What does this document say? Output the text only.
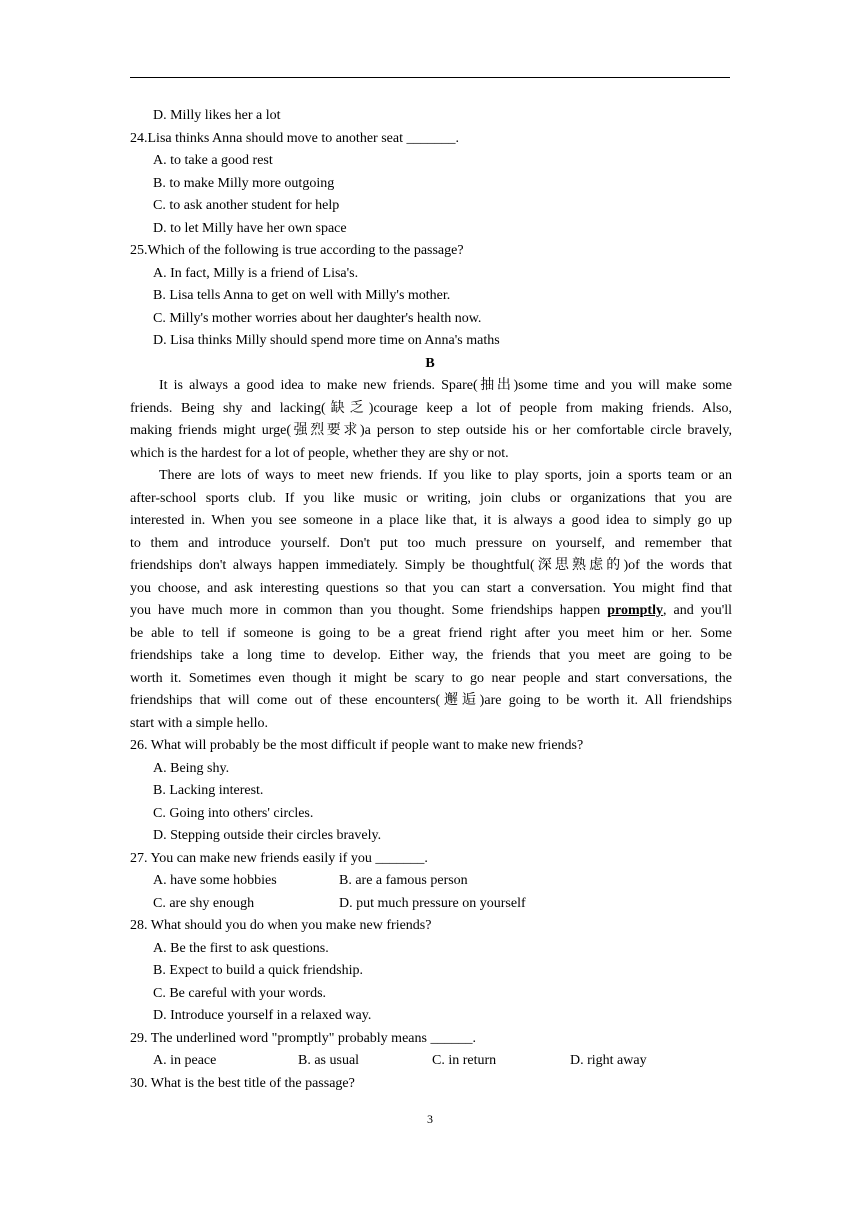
D. Milly likes her a lot
24.Lisa thinks Anna should move to another seat _______.
A. to take a good rest
B. to make Milly more outgoing
C. to ask another student for help
D. to let Milly have her own space
25.Which of the following is true according to the passage?
A. In fact, Milly is a friend of Lisa's.
B. Lisa tells Anna to get on well with Milly's mother.
C. Milly's mother worries about her daughter's health now.
D. Lisa thinks Milly should spend more time on Anna's maths
B
It is always a good idea to make new friends. Spare(抽出)some time and you will make some
friends. Being shy and lacking(缺乏)courage keep a lot of people from making friends. Also,
making friends might urge(强烈要求)a person to step outside his or her comfortable circle bravely,
which is the hardest for a lot of people, whether they are shy or not.
There are lots of ways to meet new friends. If you like to play sports, join a sports team or an
after-school sports club. If you like music or writing, join clubs or organizations that you are
interested in. When you see someone in a place like that, it is always a good idea to simply go up
to them and introduce yourself. Don't put too much pressure on yourself, and remember that
friendships don't always happen immediately. Simply be thoughtful(深思熟虑的)of the words that
you choose, and ask interesting questions so that you can start a conversation. You might find that
you have much more in common than you thought. Some friendships happen promptly, and you'll
be able to tell if someone is going to be a great friend right after you meet him or her. Some
friendships take a long time to develop. Either way, the friends that you meet are going to be
worth it. Sometimes even though it might be scary to go near people and start conversations, the
friendships that will come out of these encounters(邂逅)are going to be worth it. All friendships
start with a simple hello.
26. What will probably be the most difficult if people want to make new friends?
A. Being shy.
B. Lacking interest.
C. Going into others' circles.
D. Stepping outside their circles bravely.
27. You can make new friends easily if you _______.
A. have some hobbies	B. are a famous person
C. are shy enough	D. put much pressure on yourself
28. What should you do when you make new friends?
A. Be the first to ask questions.
B. Expect to build a quick friendship.
C. Be careful with your words.
D. Introduce yourself in a relaxed way.
29. The underlined word "promptly" probably means ______.
A. in peace	B. as usual	C. in return	D. right away
30. What is the best title of the passage?
3
